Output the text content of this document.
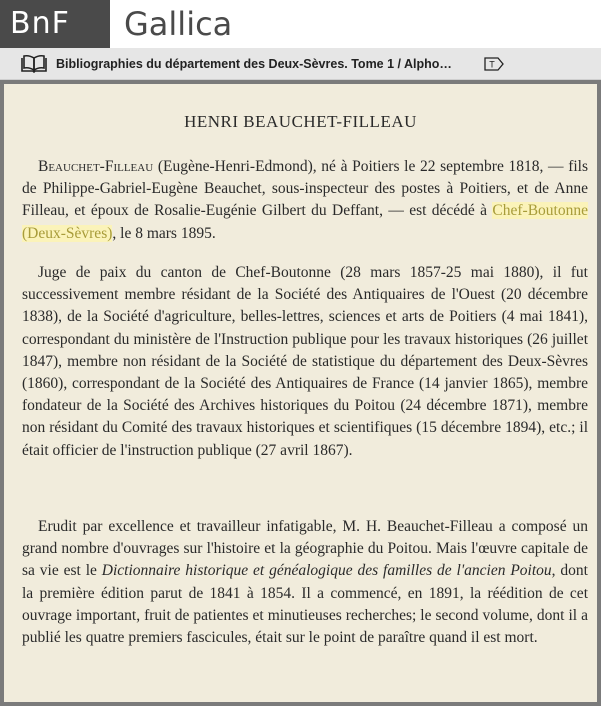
BnF	Gallica
Bibliographies du département des Deux-Sèvres. Tome 1 / Alpho…	T
HENRI BEAUCHET-FILLEAU

Beauchet-Filleau (Eugène-Henri-Edmond), né à Poitiers le 22 septembre 1818, — fils de Philippe-Gabriel-Eugène Beauchet, sous-inspecteur des postes à Poitiers, et de Anne Filleau, et époux de Rosalie-Eugénie Gilbert du Deffant, — est décédé à Chef-Boutonne (Deux-Sèvres), le 8 mars 1895.

Juge de paix du canton de Chef-Boutonne (28 mars 1857-25 mai 1880), il fut successivement membre résidant de la Société des Antiquaires de l'Ouest (20 décembre 1838), de la Société d'agriculture, belles-lettres, sciences et arts de Poitiers (4 mai 1841), correspondant du ministère de l'Instruction publique pour les travaux historiques (26 juillet 1847), membre non résidant de la Société de statistique du département des Deux-Sèvres (1860), correspondant de la Société des Antiquaires de France (14 janvier 1865), membre fondateur de la Société des Archives historiques du Poitou (24 décembre 1871), membre non résidant du Comité des travaux historiques et scientifiques (15 décembre 1894), etc.; il était officier de l'instruction publique (27 avril 1867).

Erudit par excellence et travailleur infatigable, M. H. Beauchet-Filleau a composé un grand nombre d'ouvrages sur l'histoire et la géographie du Poitou. Mais l'œuvre capitale de sa vie est le Dictionnaire historique et généalogique des familles de l'ancien Poitou, dont la première édition parut de 1841 à 1854. Il a commencé, en 1891, la réédition de cet ouvrage important, fruit de patientes et minutieuses recherches; le second volume, dont il a publié les quatre premiers fascicules, était sur le point de paraître quand il est mort.
